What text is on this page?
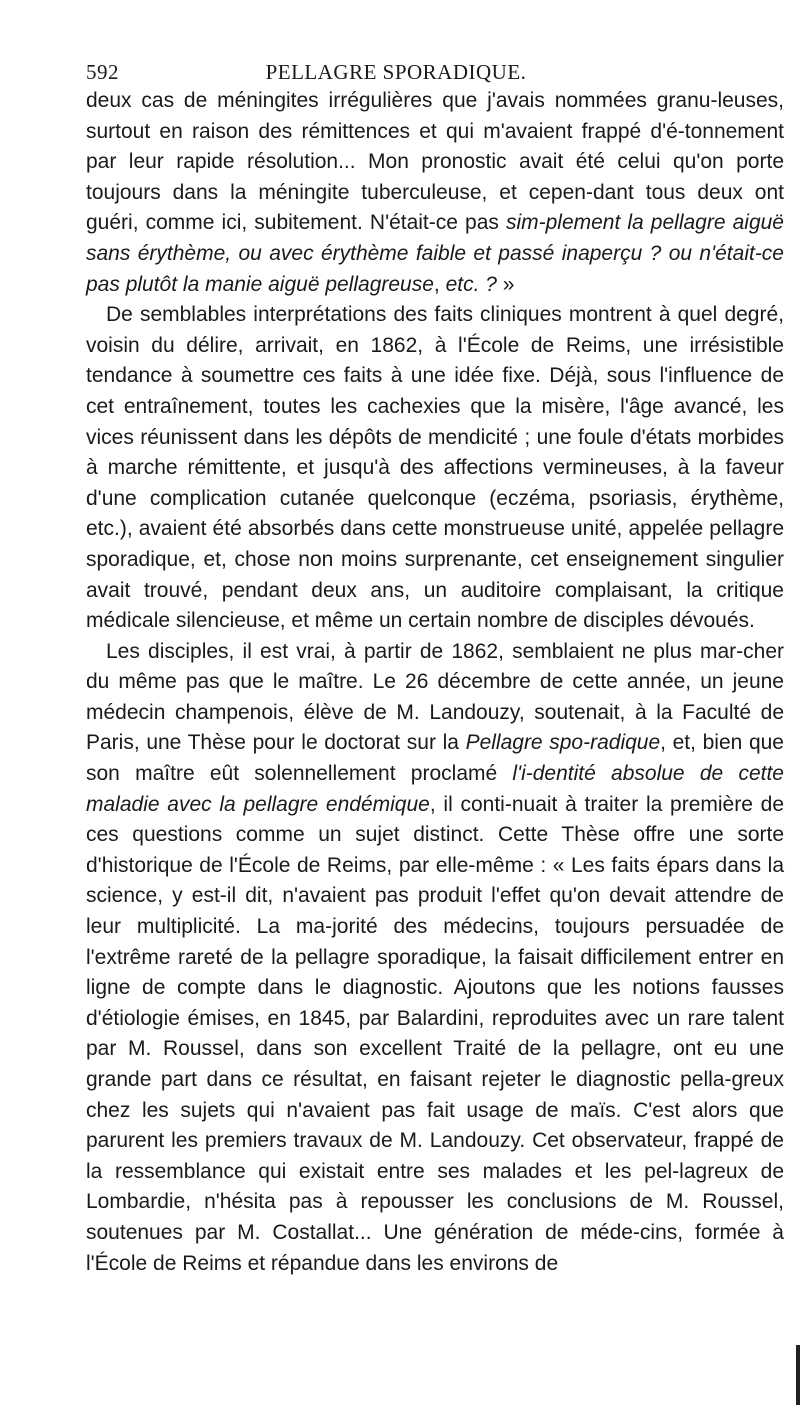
592	PELLAGRE SPORADIQUE.

deux cas de méningites irrégulières que j'avais nommées granu-leuses, surtout en raison des rémittences et qui m'avaient frappé d'é-tonnement par leur rapide résolution... Mon pronostic avait été celui qu'on porte toujours dans la méningite tuberculeuse, et cepen-dant tous deux ont guéri, comme ici, subitement. N'était-ce pas sim-plement la pellagre aiguë sans érythème, ou avec érythème faible et passé inaperçu ? ou n'était-ce pas plutôt la manie aiguë pellagreuse, etc. ? »

De semblables interprétations des faits cliniques montrent à quel degré, voisin du délire, arrivait, en 1862, à l'École de Reims, une irrésistible tendance à soumettre ces faits à une idée fixe. Déjà, sous l'influence de cet entraînement, toutes les cachexies que la misère, l'âge avancé, les vices réunissent dans les dépôts de mendicité ; une foule d'états morbides à marche rémittente, et jusqu'à des affections vermineuses, à la faveur d'une complication cutanée quelconque (eczéma, psoriasis, érythème, etc.), avaient été absorbés dans cette monstrueuse unité, appelée pellagre sporadique, et, chose non moins surprenante, cet enseignement singulier avait trouvé, pendant deux ans, un auditoire complaisant, la critique médicale silencieuse, et même un certain nombre de disciples dévoués.

Les disciples, il est vrai, à partir de 1862, semblaient ne plus mar-cher du même pas que le maître. Le 26 décembre de cette année, un jeune médecin champenois, élève de M. Landouzy, soutenait, à la Faculté de Paris, une Thèse pour le doctorat sur la Pellagre spo-radique, et, bien que son maître eût solennellement proclamé l'i-dentité absolue de cette maladie avec la pellagre endémique, il conti-nuait à traiter la première de ces questions comme un sujet distinct. Cette Thèse offre une sorte d'historique de l'École de Reims, par elle-même : « Les faits épars dans la science, y est-il dit, n'avaient pas produit l'effet qu'on devait attendre de leur multiplicité. La ma-jorité des médecins, toujours persuadée de l'extrême rareté de la pellagre sporadique, la faisait difficilement entrer en ligne de compte dans le diagnostic. Ajoutons que les notions fausses d'étiologie émises, en 1845, par Balardini, reproduites avec un rare talent par M. Roussel, dans son excellent Traité de la pellagre, ont eu une grande part dans ce résultat, en faisant rejeter le diagnostic pella-greux chez les sujets qui n'avaient pas fait usage de maïs. C'est alors que parurent les premiers travaux de M. Landouzy. Cet observateur, frappé de la ressemblance qui existait entre ses malades et les pel-lagreux de Lombardie, n'hésita pas à repousser les conclusions de M. Roussel, soutenues par M. Costallat... Une génération de méde-cins, formée à l'École de Reims et répandue dans les environs de
